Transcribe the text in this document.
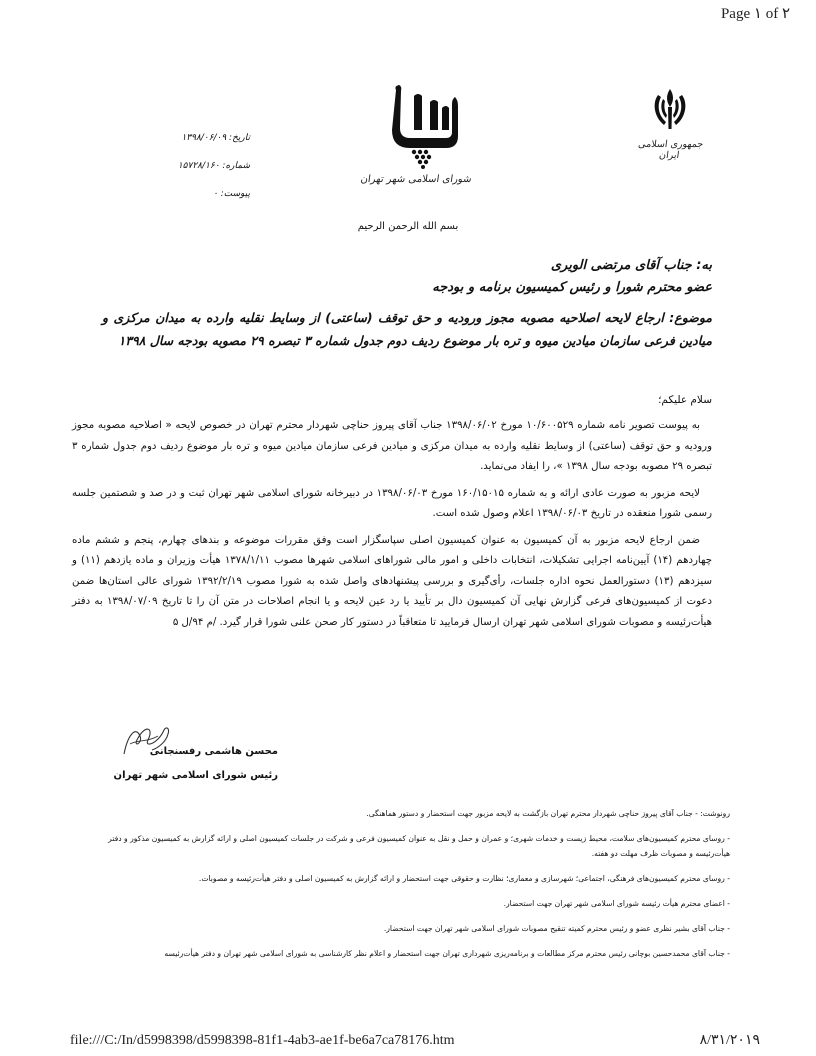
Page ١ of ٢
جمهوری اسلامی ایران
شورای اسلامی شهر تهران
تاریخ: ۱۳۹۸/۰۶/۰۹
شماره: ۱۵۷۲۸/۱۶۰
پیوست: ۰
بسم الله الرحمن الرحیم
به: جناب آقای مرتضی الویری
عضو محترم شورا و رئیس کمیسیون برنامه و بودجه
موضوع: ارجاع لایحه اصلاحیه مصوبه مجوز ورودیه و حق توقف (ساعتی) از وسایط نقلیه وارده به میدان مرکزی و میادین فرعی سازمان میادین میوه و تره بار موضوع ردیف دوم جدول شماره ۳ تبصره ۲۹ مصوبه بودجه سال ۱۳۹۸
سلام علیکم؛

به پیوست تصویر نامه شماره ۱۰/۶۰۰۵۲۹ مورخ ۱۳۹۸/۰۶/۰۲ جناب آقای پیروز حناچی شهردار محترم تهران در خصوص لایحه « اصلاحیه مصوبه مجوز ورودیه و حق توقف (ساعتی) از وسایط نقلیه وارده به میدان مرکزی و میادین فرعی سازمان میادین میوه و تره بار موضوع ردیف دوم جدول شماره ۳ تبصره ۲۹ مصوبه بودجه سال ۱۳۹۸ »، را ایفاد می‌نماید.

لایحه مزبور به صورت عادی ارائه و به شماره ۱۶۰/۱۵۰۱۵ مورخ ۱۳۹۸/۰۶/۰۳ در دبیرخانه شورای اسلامی شهر تهران ثبت و در صد و شصتمین جلسه رسمی شورا منعقده در تاریخ ۱۳۹۸/۰۶/۰۳ اعلام وصول شده است.

ضمن ارجاع لایحه مزبور به آن کمیسیون به عنوان کمیسیون اصلی سپاسگزار است وفق مقررات موضوعه و بندهای چهارم، پنجم و ششم ماده چهاردهم (۱۴) آیین‌نامه اجرایی تشکیلات، انتخابات داخلی و امور مالی شوراهای اسلامی شهرها مصوب ۱۳۷۸/۱/۱۱ هیأت وزیران و ماده یازدهم (۱۱) و سیزدهم (۱۳) دستورالعمل نحوه اداره جلسات، رأی‌گیری و بررسی پیشنهادهای واصل شده به شورا مصوب ۱۳۹۲/۲/۱۹ شورای عالی استان‌ها ضمن دعوت از کمیسیون‌های فرعی گزارش نهایی آن کمیسیون دال بر تأیید یا رد عین لایحه و یا انجام اصلاحات در متن آن را تا تاریخ ۱۳۹۸/۰۷/۰۹ به دفتر هیأت‌رئیسه و مصوبات شورای اسلامی شهر تهران ارسال فرمایید تا متعاقباً در دستور کار صحن علنی شورا قرار گیرد. /م ۹۴/ل ۵

محسن هاشمی رفسنجانی
رئیس شورای اسلامی شهر تهران

رونوشت: - جناب آقای پیروز حناچی شهردار محترم تهران بازگشت به لایحه مزبور جهت استحضار و دستور هماهنگی.

- روسای محترم کمیسیون‌های سلامت، محیط زیست و خدمات شهری؛ و عمران و حمل و نقل به عنوان کمیسیون فرعی و شرکت در جلسات کمیسیون اصلی و ارائه گزارش به کمیسیون مذکور و دفتر هیأت‌رئیسه و مصوبات ظرف مهلت دو هفته.

- روسای محترم کمیسیون‌های فرهنگی، اجتماعی؛ شهرسازی و معماری؛ نظارت و حقوقی جهت استحضار و ارائه گزارش به کمیسیون اصلی و دفتر هیأت‌رئیسه و مصوبات.

- اعضای محترم هیأت رئیسه شورای اسلامی شهر تهران جهت استحضار.

- جناب آقای بشیر نظری عضو و رئیس محترم کمیته تنقیح مصوبات شورای اسلامی شهر تهران جهت استحضار.

- جناب آقای محمدحسین بوچانی رئیس محترم مرکز مطالعات و برنامه‌ریزی شهرداری تهران جهت استحضار و اعلام نظر کارشناسی به شورای اسلامی شهر تهران و دفتر هیأت‌رئیسه

file:///C:/In/d5998398/d5998398-81f1-4ab3-ae1f-be6a7ca78176.htm	۸/۳۱/۲۰۱۹
